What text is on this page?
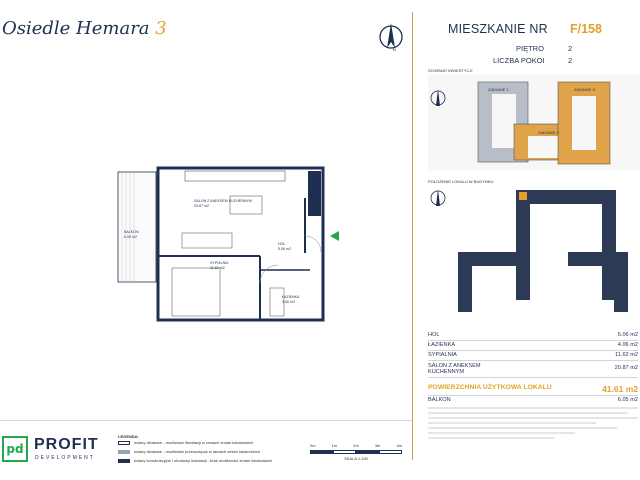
Osiedle Hemara 3
N
SALON Z ANEKSEM KUCHENNYM
20.87 m2
HOL
5.06 m2
SYPIALNIA
11.62 m2
ŁAZIENKA
4.06 m2
BALKON
6.05 m2
MIESZKANIE NR F/158
PIĘTRO	2
LICZBA POKOI	2
SCHEMAT INWESTYCJI
ZADANIE 1
ZADANIE 2
ZADANIE 3
POŁOŻENIE LOKALU W BUDYNKU
HOL	5.06 m2
ŁAZIENKA	4.06 m2
SYPIALNIA	11.62 m2
SALON Z ANEKSEM KUCHENNYM
20.87 m2
POWIERZCHNIA UŻYTKOWA LOKALU	41.61 m2
BALKON	6.05 m2
pd PROFIT
DEVELOPMENT
LEGENDA:
ściany działowe - możliwość likwidacji w ramach zmian lokatorskich
ściany działowe - możliwość przesunięcia w ramach zmian lokatorskich
ściany konstrukcyjne i obudowy instalacji - brak możliwości zmian lokatorskich
0m	1m	2m	3m	4m
SKALA 1:100
